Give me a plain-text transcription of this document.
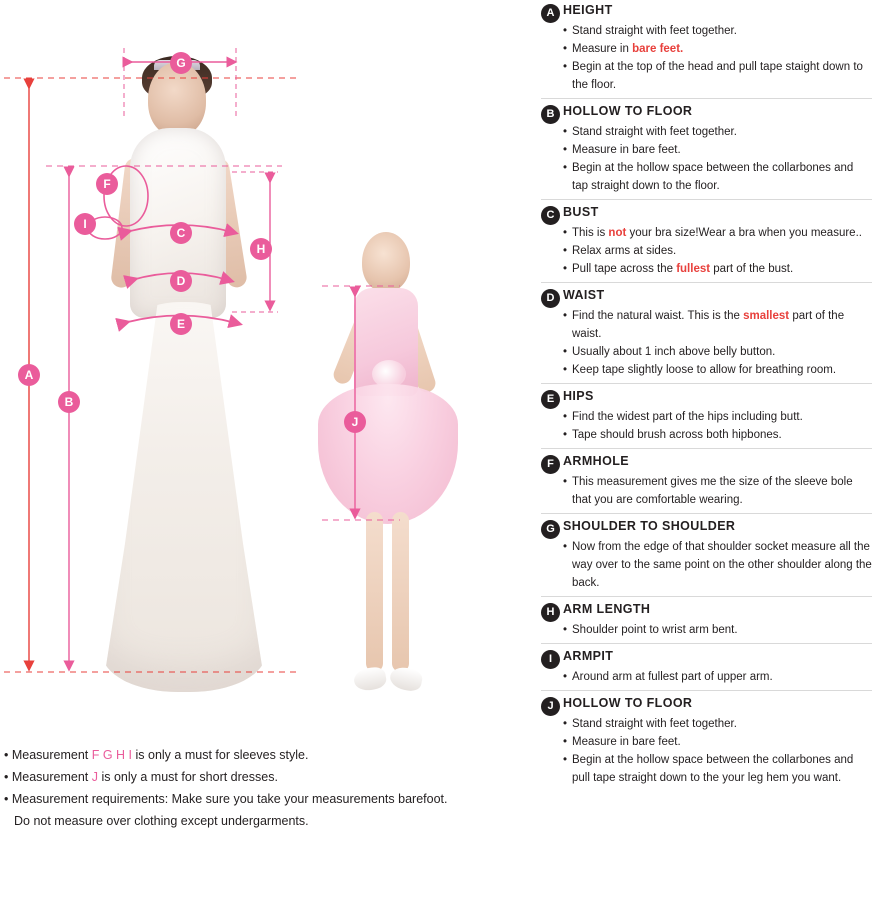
A
B
C
D
E
F
G
H
I
J
• Measurement F G H I is only a must for sleeves style.
• Measurement J is only a must for short dresses.
• Measurement requirements: Make sure you take your measurements barefoot.
Do not measure over clothing except undergarments.
A HEIGHT
• Stand straight with feet together.
• Measure in bare feet.
• Begin at the top of the head and pull tape staight down to the floor.
B HOLLOW TO FLOOR
• Stand straight with feet together.
• Measure in bare feet.
• Begin at the hollow space between the collarbones and tap straight down to the floor.
C BUST
• This is not your bra size!Wear a bra when you measure..
• Relax arms at sides.
• Pull tape across the fullest part of the bust.
D WAIST
• Find the natural waist. This is the smallest part of the waist.
• Usually about 1 inch above belly button.
• Keep tape slightly loose to allow for breathing room.
E HIPS
• Find the widest part of the hips including butt.
• Tape should brush across both hipbones.
F ARMHOLE
• This measurement gives me the size of the sleeve bole that you are comfortable wearing.
G SHOULDER TO SHOULDER
• Now from the edge of that shoulder socket measure all the way over to the same point on the other shoulder along the back.
H ARM LENGTH
• Shoulder point to wrist arm bent.
I ARMPIT
• Around arm at fullest part of upper arm.
J HOLLOW TO FLOOR
• Stand straight with feet together.
• Measure in bare feet.
• Begin at the hollow space between the collarbones and pull tape straight down to the your leg hem you want.
